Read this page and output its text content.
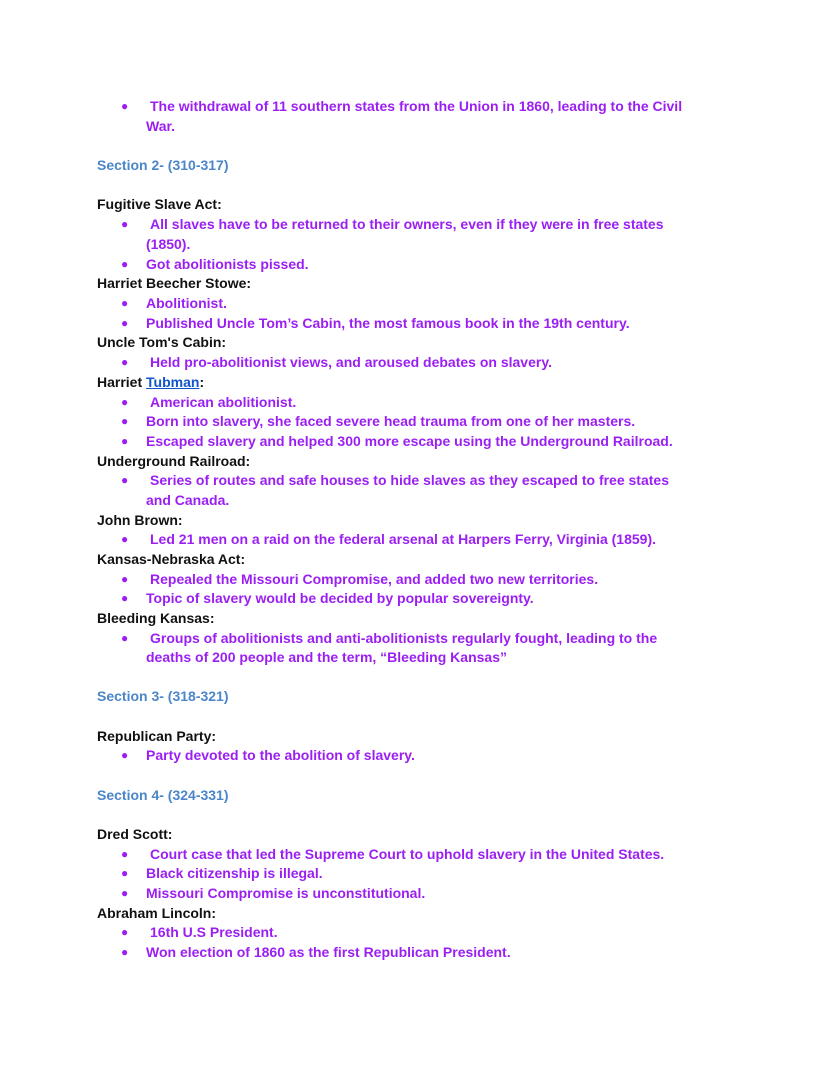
● The withdrawal of 11 southern states from the Union in 1860, leading to the Civil
War.
Section 2- (310-317)
Fugitive Slave Act:
● All slaves have to be returned to their owners, even if they were in free states
(1850).
● Got abolitionists pissed.
Harriet Beecher Stowe:
● Abolitionist.
● Published Uncle Tom’s Cabin, the most famous book in the 19th century.
Uncle Tom's Cabin:
● Held pro-abolitionist views, and aroused debates on slavery.
Harriet Tubman:
● American abolitionist.
● Born into slavery, she faced severe head trauma from one of her masters.
● Escaped slavery and helped 300 more escape using the Underground Railroad.
Underground Railroad:
● Series of routes and safe houses to hide slaves as they escaped to free states
and Canada.
John Brown:
● Led 21 men on a raid on the federal arsenal at Harpers Ferry, Virginia (1859).
Kansas-Nebraska Act:
● Repealed the Missouri Compromise, and added two new territories.
● Topic of slavery would be decided by popular sovereignty.
Bleeding Kansas:
● Groups of abolitionists and anti-abolitionists regularly fought, leading to the
deaths of 200 people and the term, “Bleeding Kansas”
Section 3- (318-321)
Republican Party:
● Party devoted to the abolition of slavery.
Section 4- (324-331)
Dred Scott:
● Court case that led the Supreme Court to uphold slavery in the United States.
● Black citizenship is illegal.
● Missouri Compromise is unconstitutional.
Abraham Lincoln:
● 16th U.S President.
● Won election of 1860 as the first Republican President.
